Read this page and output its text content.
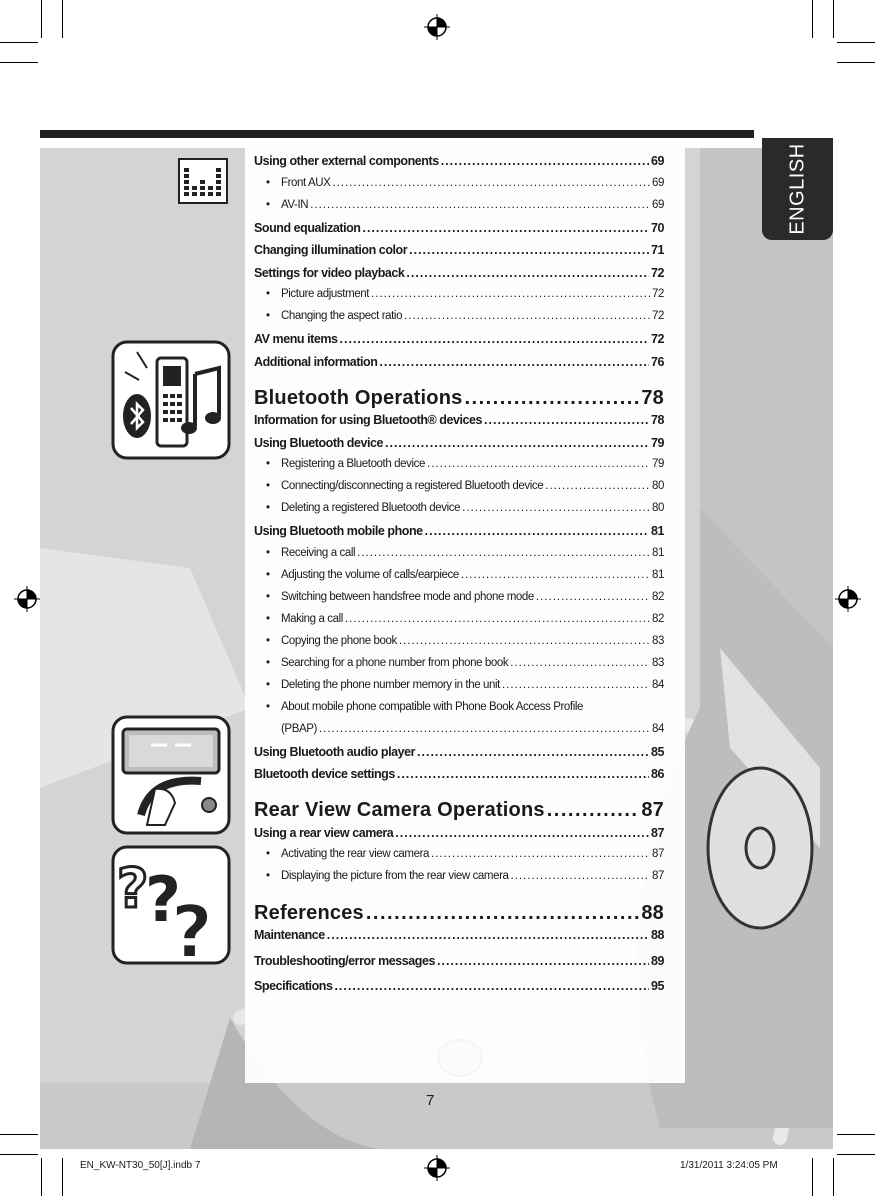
ENGLISH
?
?
?
Using other external components .....	69
• Front AUX .....	69
• AV-IN .....	69
Sound equalization .....	70
Changing illumination color .....	71
Settings for video playback .....	72
• Picture adjustment .....	72
• Changing the aspect ratio .....	72
AV menu items .....	72
Additional information .....	76
Bluetooth Operations .....	78
Information for using Bluetooth® devices .....	78
Using Bluetooth device .....	79
• Registering a Bluetooth device .....	79
• Connecting/disconnecting a registered Bluetooth device .....	80
• Deleting a registered Bluetooth device .....	80
Using Bluetooth mobile phone .....	81
• Receiving a call .....	81
• Adjusting the volume of calls/earpiece .....	81
• Switching between handsfree mode and phone mode .....	82
• Making a call .....	82
• Copying the phone book .....	83
• Searching for a phone number from phone book .....	83
• Deleting the phone number memory in the unit .....	84
• About mobile phone compatible with Phone Book Access Profile
(PBAP) .....	84
Using Bluetooth audio player .....	85
Bluetooth device settings .....	86
Rear View Camera Operations .....	87
Using a rear view camera .....	87
• Activating the rear view camera .....	87
• Displaying the picture from the rear view camera .....	87
References .....	88
Maintenance .....	88
Troubleshooting/error messages .....	89
Specifications .....	95
7
EN_KW-NT30_50[J].indb 7	1/31/2011 3:24:05 PM
